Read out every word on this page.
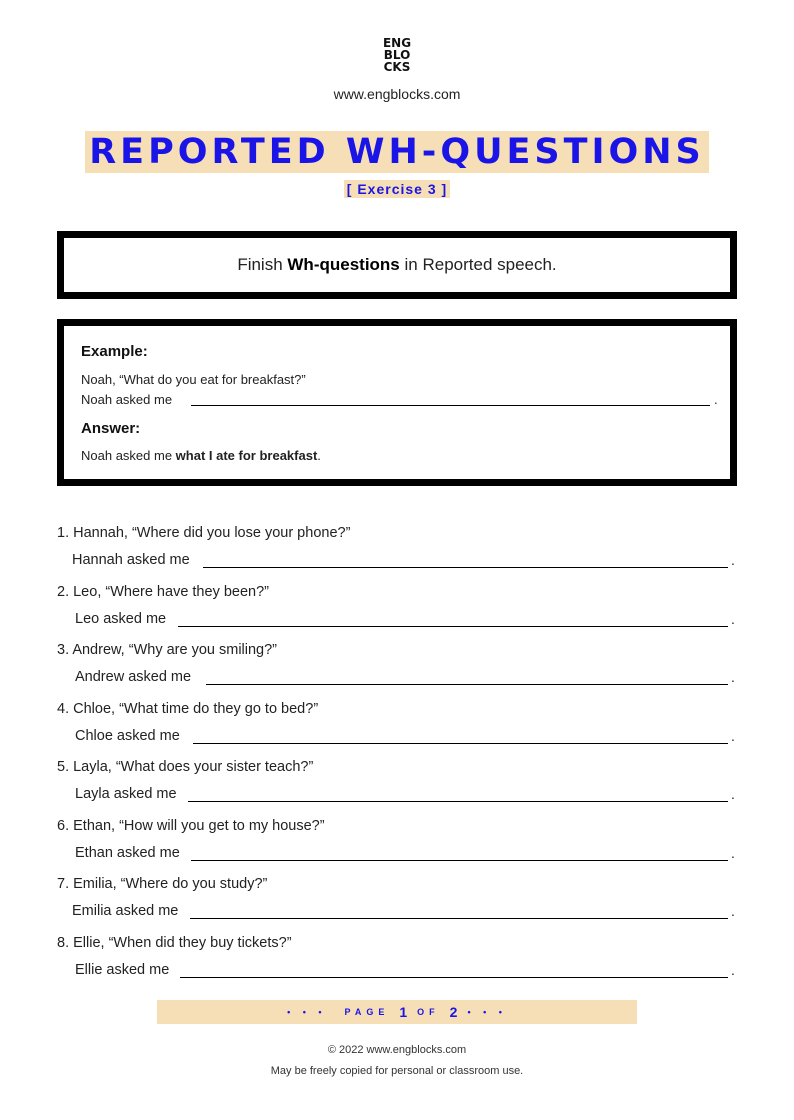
ENG
BLO
CKS
www.engblocks.com
REPORTED WH-QUESTIONS
[ Exercise 3 ]
Finish Wh-questions in Reported speech.
Example:
Noah, “What do you eat for breakfast?”
Noah asked me	.
Answer:
Noah asked me what I ate for breakfast.
1. Hannah, “Where did you lose your phone?”
Hannah asked me	.
2. Leo, “Where have they been?”
Leo asked me	.
3. Andrew, “Why are you smiling?”
Andrew asked me	.
4. Chloe, “What time do they go to bed?”
Chloe asked me	.
5. Layla, “What does your sister teach?”
Layla asked me	.
6. Ethan, “How will you get to my house?”
Ethan asked me	.
7. Emilia, “Where do you study?”
Emilia asked me	.
8. Ellie, “When did they buy tickets?”
Ellie asked me	.
• • • PAGE 1 OF 2 • • •
© 2022 www.engblocks.com
May be freely copied for personal or classroom use.
